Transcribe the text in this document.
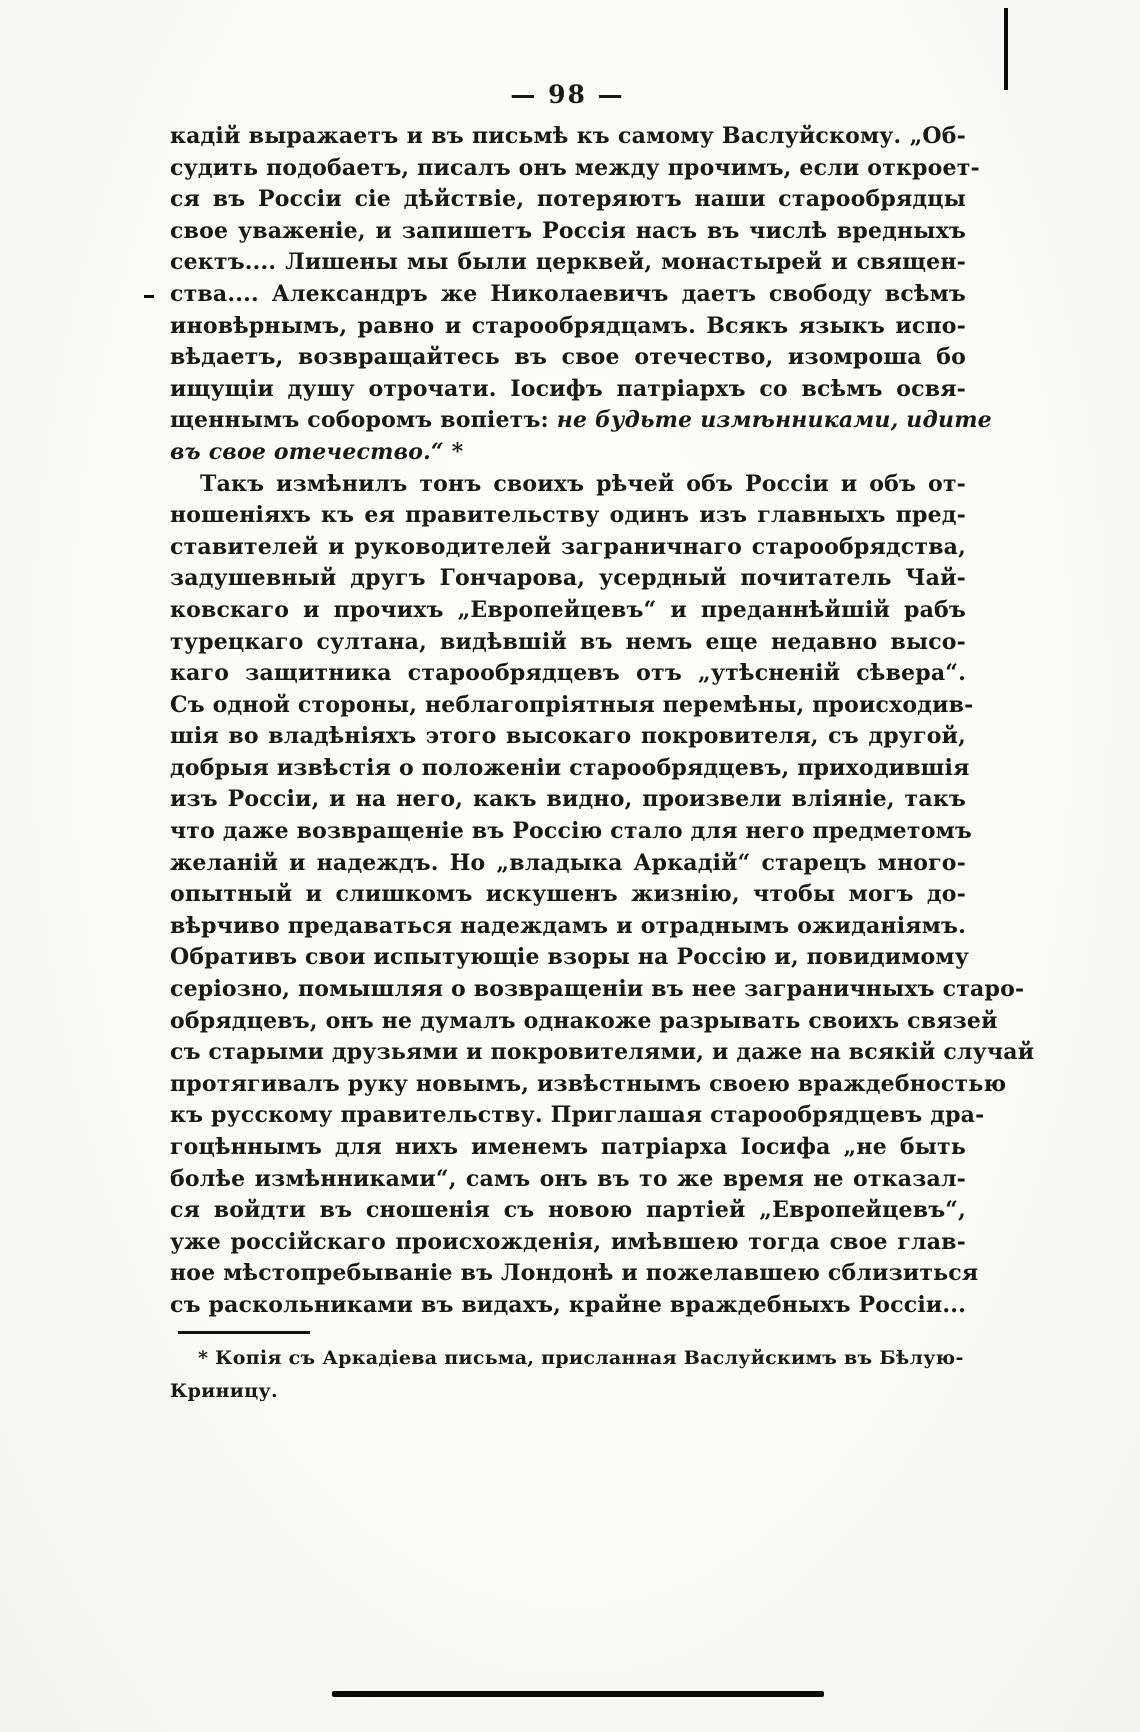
— 98 —
кадій выражаетъ и въ письмѣ къ самому Васлуйскому. „Об-
судить подобаетъ, писалъ онъ между прочимъ, если откроет-
ся въ Россіи сіе дѣйствіе, потеряютъ наши старообрядцы
свое уваженіе, и запишетъ Россія насъ въ числѣ вредныхъ
сектъ.... Лишены мы были церквей, монастырей и священ-
ства.... Александръ же Николаевичъ даетъ свободу всѣмъ
иновѣрнымъ, равно и старообрядцамъ. Всякъ языкъ испо-
вѣдаетъ, возвращайтесь въ свое отечество, изомроша бо
ищущіи душу отрочати. Іосифъ патріархъ со всѣмъ освя-
щеннымъ соборомъ вопіетъ: не будьте измѣнниками, идите
въ свое отечество.“ *
Такъ измѣнилъ тонъ своихъ рѣчей объ Россіи и объ от-
ношеніяхъ къ ея правительству одинъ изъ главныхъ пред-
ставителей и руководителей заграничнаго старообрядства,
задушевный другъ Гончарова, усердный почитатель Чай-
ковскаго и прочихъ „Европейцевъ“ и преданнѣйшій рабъ
турецкаго султана, видѣвшій въ немъ еще недавно высо-
каго защитника старообрядцевъ отъ „утѣсненій сѣвера“.
Съ одной стороны, неблагопріятныя перемѣны, происходив-
шія во владѣніяхъ этого высокаго покровителя, съ другой,
добрыя извѣстія о положеніи старообрядцевъ, приходившія
изъ Россіи, и на него, какъ видно, произвели вліяніе, такъ
что даже возвращеніе въ Россію стало для него предметомъ
желаній и надеждъ. Но „владыка Аркадій“ старецъ много-
опытный и слишкомъ искушенъ жизнію, чтобы могъ до-
вѣрчиво предаваться надеждамъ и отраднымъ ожиданіямъ.
Обративъ свои испытующіе взоры на Россію и, повидимому
серіозно, помышляя о возвращеніи въ нее заграничныхъ старо-
обрядцевъ, онъ не думалъ однакоже разрывать своихъ связей
съ старыми друзьями и покровителями, и даже на всякій случай
протягивалъ руку новымъ, извѣстнымъ своею враждебностью
къ русскому правительству. Приглашая старообрядцевъ дра-
гоцѣннымъ для нихъ именемъ патріарха Іосифа „не быть
болѣе измѣнниками“, самъ онъ въ то же время не отказал-
ся войдти въ сношенія съ новою партіей „Европейцевъ“,
уже россійскаго происхожденія, имѣвшею тогда свое глав-
ное мѣстопребываніе въ Лондонѣ и пожелавшею сблизиться
съ раскольниками въ видахъ, крайне враждебныхъ Россіи...
* Копія съ Аркадіева письма, присланная Васлуйскимъ въ Бѣлую-
Криницу.
